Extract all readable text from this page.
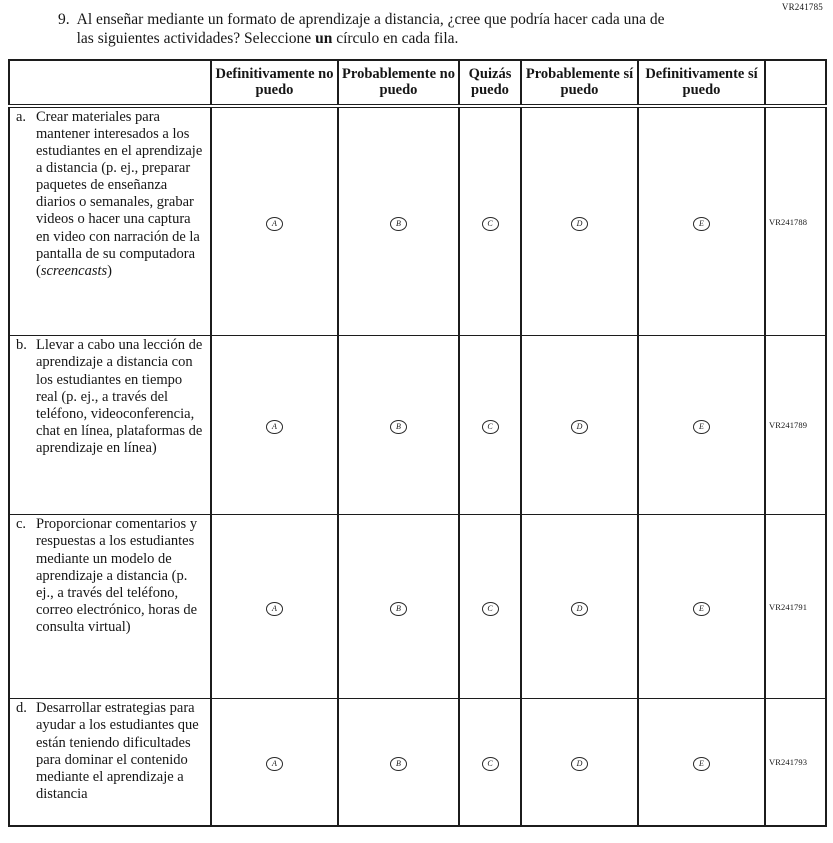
VR241785
9. Al enseñar mediante un formato de aprendizaje a distancia, ¿cree que podría hacer cada una de las siguientes actividades? Seleccione un círculo en cada fila.
	Definitivamente no puedo	Probablemente no puedo	Quizás puedo	Probablemente sí puedo	Definitivamente sí puedo	

a. Crear materiales para mantener interesados a los estudiantes en el aprendizaje a distancia (p. ej., preparar paquetes de enseñanza diarios o semanales, grabar videos o hacer una captura en video con narración de la pantalla de su computadora (screencasts)	A	B	C	D	E	VR241788

b. Llevar a cabo una lección de aprendizaje a distancia con los estudiantes en tiempo real (p. ej., a través del teléfono, videoconferencia, chat en línea, plataformas de aprendizaje en línea)	A	B	C	D	E	VR241789

c. Proporcionar comentarios y respuestas a los estudiantes mediante un modelo de aprendizaje a distancia (p. ej., a través del teléfono, correo electrónico, horas de consulta virtual)	A	B	C	D	E	VR241791

d. Desarrollar estrategias para ayudar a los estudiantes que están teniendo dificultades para dominar el contenido mediante el aprendizaje a distancia	A	B	C	D	E	VR241793
